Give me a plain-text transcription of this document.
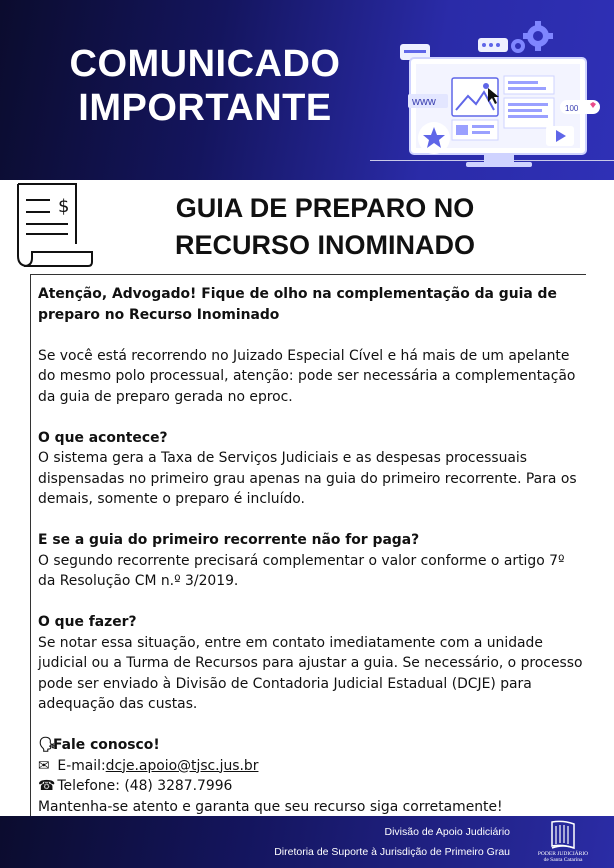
COMUNICADO
IMPORTANTE	www
100
$	GUIA DE PREPARO NO
RECURSO INOMINADO

Atenção, Advogado! Fique de olho na complementação da guia de preparo no Recurso Inominado

Se você está recorrendo no Juizado Especial Cível e há mais de um apelante do mesmo polo processual, atenção: pode ser necessária a complementação da guia de preparo gerada no eproc.

O que acontece?

O sistema gera a Taxa de Serviços Judiciais e as despesas processuais dispensadas no primeiro grau apenas na guia do primeiro recorrente. Para os demais, somente o preparo é incluído.

E se a guia do primeiro recorrente não for paga?

O segundo recorrente precisará complementar o valor conforme o artigo 7º da Resolução CM n.º 3/2019.

O que fazer?

Se notar essa situação, entre em contato imediatamente com a unidade judicial ou a Turma de Recursos para ajustar a guia. Se necessário, o processo pode ser enviado à Divisão de Contadoria Judicial Estadual (DCJE) para adequação das custas.

🗣Fale conosco!

✉ E-mail:dcje.apoio@tjsc.jus.br

☎ Telefone: (48) 3287.7996

Mantenha-se atento e garanta que seu recurso siga corretamente!

Divisão de Apoio Judiciário
Diretoria de Suporte à Jurisdição de Primeiro Grau	PODER JUDICIÁRIO
de Santa Catarina
